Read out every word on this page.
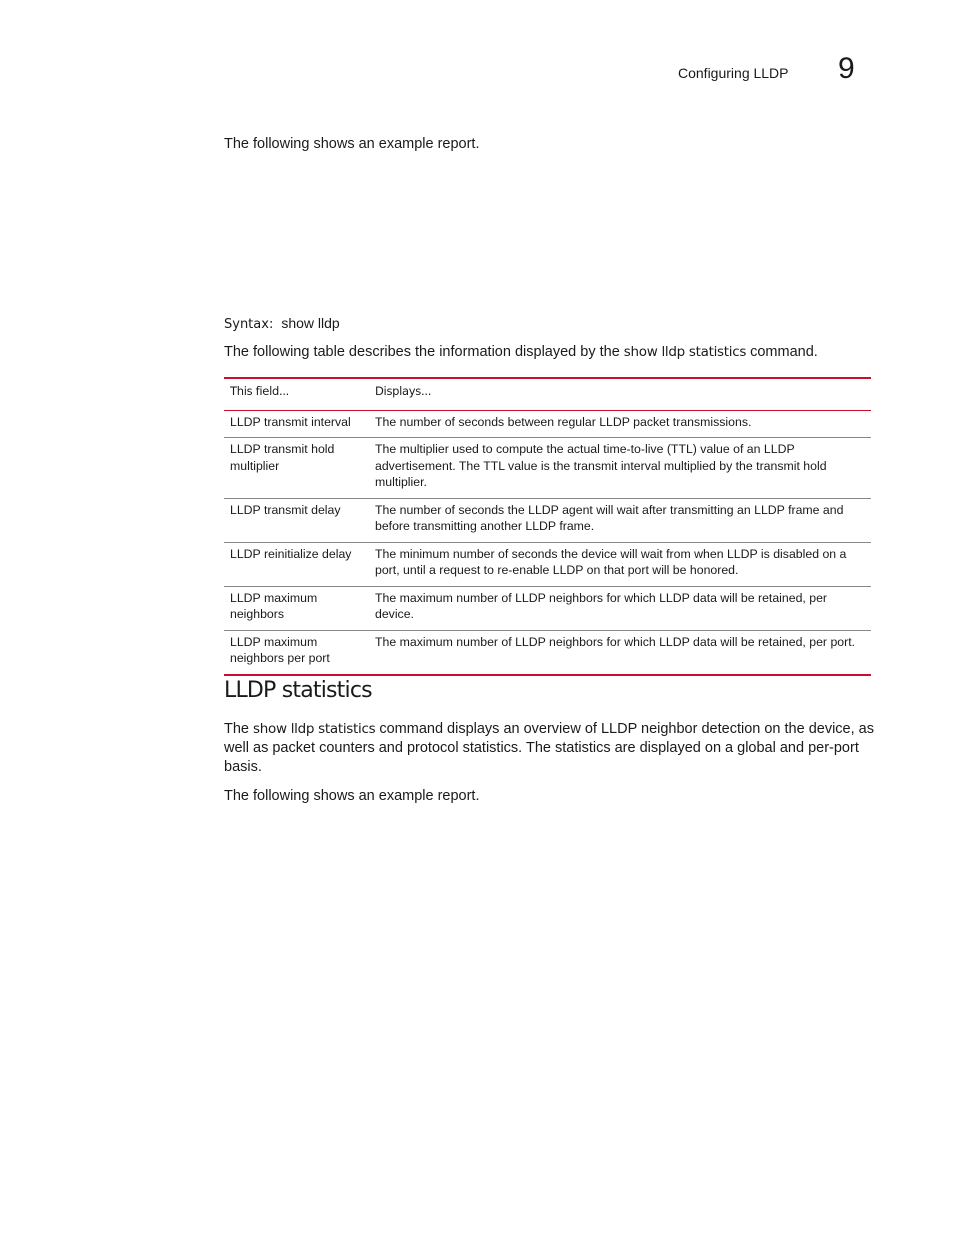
Configuring LLDP 9
The following shows an example report.
Syntax: show lldp
The following table describes the information displayed by the show lldp statistics command.
This field...	Displays...
LLDP transmit interval	The number of seconds between regular LLDP packet transmissions.
LLDP transmit hold multiplier	The multiplier used to compute the actual time-to-live (TTL) value of an LLDP advertisement. The TTL value is the transmit interval multiplied by the transmit hold multiplier.
LLDP transmit delay	The number of seconds the LLDP agent will wait after transmitting an LLDP frame and before transmitting another LLDP frame.
LLDP reinitialize delay	The minimum number of seconds the device will wait from when LLDP is disabled on a port, until a request to re-enable LLDP on that port will be honored.
LLDP maximum neighbors	The maximum number of LLDP neighbors for which LLDP data will be retained, per device.
LLDP maximum neighbors per port	The maximum number of LLDP neighbors for which LLDP data will be retained, per port.
LLDP statistics
The show lldp statistics command displays an overview of LLDP neighbor detection on the device, as well as packet counters and protocol statistics. The statistics are displayed on a global and per-port basis.
The following shows an example report.
